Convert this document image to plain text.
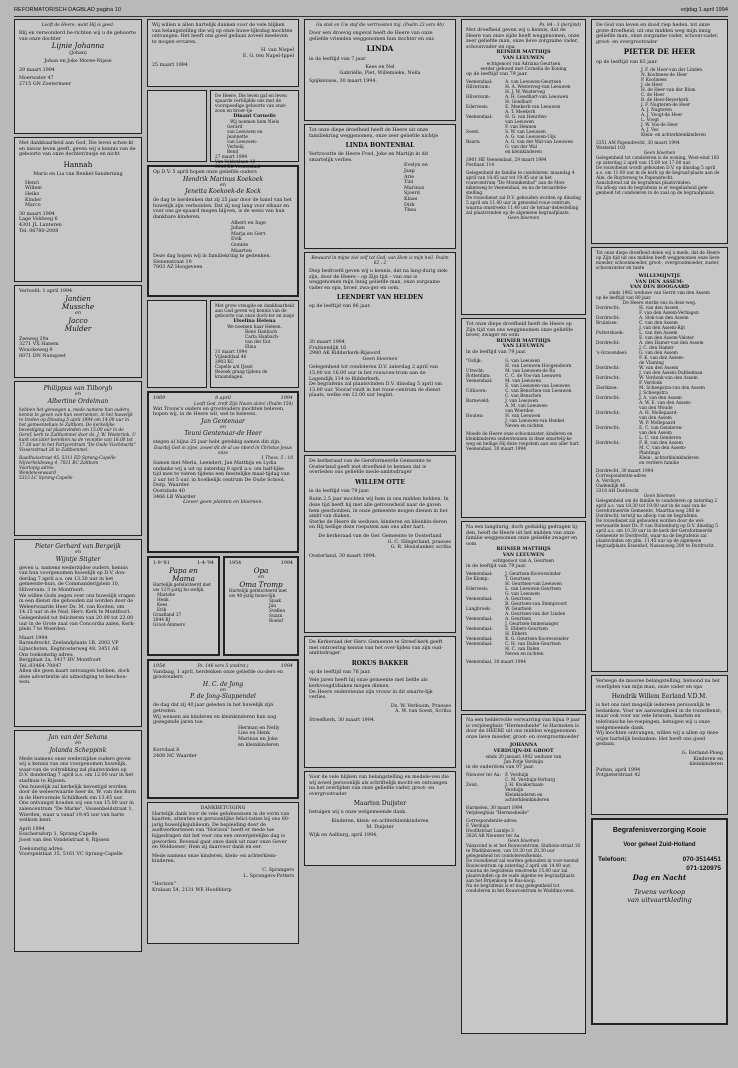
REFORMATORISCH DAGBLAD pagina 10	vrijdag 1 april 1994
Looft de Heere, want Hij is goed.
Blij en verwonderd be-richten wij u de geboorte van onze dochter
Lijnie Johanna
(Johan)
Johan en Joke Moree-Nijsse
29 maart 1994
Moerwater 47
2715 GN Zoetermeer
Met dankbaarheid aan God, Die leven schen-kt en nieuw leven geeft, geven wij u kennis van de geboorte van onze dochter/zusje en nicht
Hannah
Mario en Lia van Renkel-Sanderning
Henri
Willem
Heiko
Kinder
Marco
30 maart 1994
Lage Voldweg 6
4301 JL Lunteren
Tel. 06780-2008
Verloofd: 1 april 1994
Jantien
Mussche
en
Jacco
Mulder
Zeeweg 29a
3271 VX Hanem
Wouckeweg 9
8071 DN Nunspeet
Philippus van Tilborgh
en
Albertine Ordelman
hebben het genoegen u, mede namens hun ouders, kennis te geven van hun voornemen, in het huwelijk te treden op Dinsdag 5 april 1994 om 14.00 uur in het gemeentehuis te Zaltbom. De kerkelijke bevestiging zal plaatsvinden om 15.00 uur in de Geref. kerk te Zaltbommel door ds. J. W. Westerink. U kunt ons later bereiken na de receptie van 16.00 tot 17.30 uur in het Partycentrum "De Oude Vischmarkt" Vissersstraat 26 te Zaltbommel.
Raadhuisstraat 45, 5311 ED Sprang-Capelle
Nijverheidsweg 4, 7021 BC Zaltbom
Voorlopig adres:
Wendelesewaard
5312 LC Sprang-Capelle
Pieter Gerhard van Bergeijk
en
Wijntje Stigter
geven u, namens wederzijdse ouders, kennis van hun voorgenomen huwelijk op D.V. don-derdag 7 april a.s. om 13.30 uur in het gemeente-huis, de Commanderijplein 10, Hilversum. 3 te Montfoort.
We willen Gods zegen over ons huwelijk vragen in een dienst die gehouden zal worden door de Weleerwaarde Heer Ds. M. van Kooten, om 14.15 uur in de Ned. Herv. Kerk te Montfoort.
Gelegenheid tot feliciteren van 20.00 tot 22.00 uur in de Grote zaal van Concordia zalen, Kerk-plein 7 te Woerden.
Maart 1994
Barendrecht, Zeelandplaats 1B, 2003 VP Lijnschoten, Eegbrosterweg 48, 3451 AE
Ons toekomstig adres:
Bergplaat 2a, 3417 HV Montfoort
Tel.:03464-70047
Allen die geen kaart ontvangen hebben, doch deze advertentie als uitnodiging te beschou-wen.
Jan van der Sehans
en
Jolanda Scheppink
Mede namens onze wederzijdse ouders geven wij u kennis van ons voorgenomen huwelijk, waar-van de voltrekking zal plaatsvinden op D.V. donderdag 7 april a.s. om 12.00 uur in het stadhuis te Rijssen.
Ons huwelijk zal kerkelijk bevestigd worden door de weleerwaarde heer ds. W. van den Born in de Hervormde Schildkerk om 13.45 uur.
Ons ontvangst houden wij ons van 15.00 uur in zalencentrum "De Marke", Vossenbeldstraat 1, Wierden, waar u vanaf 19.45 uur van harte welkom bent.
April 1994
Esschersdorp 1, Sprang-Capelle
Joost van den Vondelstraat 8, Rijssen
Toekomstig adres:
Voorspelstaat 35, 5161 VC Sprang-Capelle
Wij willen u allen hartelijk danken voor de vele blijken van belangstelling die wij op onze huwe-lijksdag mochten ontvangen. Het heeft ons goed gedaan zoveel meeleven te mogen ervaren.
H. van Nispel
E. G. ten Napel-Ippel
25 maart 1994
De Heere, Die leven gaf en leven spaarde verblijdde ons met de voorspoedige geboorte van onze zoon en broer-tje
Dinant Cornelis
Wij noemen hem Niels
Gerard
van Leeuwen en
Jeannette
van Leeuwen-
Verhelij
Bend
27 maart 1994
Van Veldenlaan 18
3906 EK Veenendaal
Op D.V. 5 april hopen onze geliefde ouders
Hendrik Marinus Koekoek
en
Jenetta Koekoek-de Kock
de dag te herdenken dat zij 25 jaar door de hand van het huwelijk zijn verbonden. Dat zij nog lang voor elkaar en voor ons ge-spaard mogen blijven, is de wens van hun dankbare kinderen.
Albert en Inge
Johan
Marja en Gert
Evik
Gonnie
Maarten
Deze dag hopen wij in familiekring te gedenken.
Slenenstraat 10
7803 AZ Hoogeveen
Met grote vreugde en dankbaarheid aan God geven wij kennis van de geboorte van onze doch-ter en zusje
Elselina Helena
We noemen haar Heleen.
René Hanbach
Carla Hanbach-
van der Ent
Elma
31 maart 1994
Vijlanddaal 46
2903 KC
Capelle a/d IJssel
Bezoek graag tijdens de kraamdagen.
1969	8 april	1994
Looft God, treft Zijn Naam alom! (Psalm 150)
Wat Trouw's ouders en grootouders mochten beleven, hopen wij, in de Heere wil, wel te beleven.
Jan Gentenaar
en
Teuni Gentenaar-de Heer
stegen al bijna 25 jaar hebt getekkig samen din zijn.
Daarbij God in zijne, zowel dit dè al uw nbord in Christus Jesus onze
1 Thess. 5 : 18
Samen met Merla, Leendert, Jan Matthijs en Lydia ondanks wij u uit op zaterdag 9 april a.s. om half-lijke tijd mee te vieren tijdens een feestelijke maal-tijdag van 2 uur tot 5 uur, in hcelkelijk centrum De Oude School, Dorp, Waarder.
Oostzinde 40
3466 LB Waarder
Liever geen planten en bloemen.
1-9-'81	1-4-'94
Papa en
Mama
Hartelijk gefeliciteerd met uw 12½-jarig hu-welijk.
Marieke
Henk
Kees
Erik
Graafland 37
2844 BJ
Groot-Ammers
1954	1994
Opa
en
Oma Tromp
Hartelijk gefeliciteerd met uw 40-jarig huwe-lijk.
Sjaak
Jan
Svellen
Suzan
Roelof
1954	Ps. 146 vers 5 (ondrst.)	1994
Vandaag, 1 april, herdenken onze geliefde ou-ders en grootouders
H. C. de Jong
en
P. de Jong-Slappendel
de dag dat zij 40 jaar geleden in het huwelijk zijn getreden.
Wij wensen als kinderen en kleinkinderen hun nog gezegende jaren toe.
Herman en Nelly
Lies en Henk
Marinus en Joke
en kleinkinderen
Korvdaal 8
2408 NC Waarder
DANKBETUIGING
Hartelijk dank voor de vele gelukwensen in de vorm van kaarten, attenties en persoonlijke felici-taties bij ons 60-jarig huwelijksjubileum. De bepleiding door de audtwerkertenen van "Horizon" heeft er mede toe bijgedragen dat het voor ons een onvergetelijke dag is geworden. Bovenal gaat onze dank uit naar onze Gever en Weldoener; Hem zij daarvoor dank en eer.
Mede namens onze kinderen, klein- en achterklein-kinderen.
C. Sprangers
L. Sprangers-Potters
"Horizon"
Kralaan 54, 2131 WE Hoofddorp
Gu stok en Uw staf die vertroosten mij. (Psalm 23 vers 4b)
Door een droevig ongeval heeft de Heere van onze geliefde vrienden weggenomen hun dochter en ons
LINDA
in de leeftijd van 7 jaar.
Kees en Nel
Gabriëlle, Piet, Willemieke, Nella
Spijkenisse, 30 maart 1994.
Tot onze diepe droefheid heeft de Heere uit onze familiekring weggenomen, onze zeer geliefde nichtje
LINDA BONTENBAL
Vertroostte de Heere Fred, Joke en Martijn in dit smartelijk verlies.
Evelyn en
Jaap
Arie
Tini
Marinus
Sjoerd
Klaas
Dirk
Thea
Bewaard in mijne ziel zelf tot God; van Hem is mijn heil. Psalm 62 : 2
Diep bedroefd geven wij u kennis, dat na lang-durig ziek-zijn, door de Heere – op Zijn tijd – van ons is weggenomen mijn innig geliefde man, onze zorgzame vader en opa, broer, zwa-ger en oom.
LEENDERT VAN HELDEN
op de leeftijd van 86 jaar.
30 maart 1994
Fruitsendijk 16
2980 AK Ridderkerk-Rijsoord
Geen bloemen
Gelegenheid tot condoleren D.V. zaterdag 2 april van 15.00 tot 16.00 uur in het rouwcen-trum aan de Lagendijk 114 te Ridderkerk.
De begrafenis zal plaatsvinden D.V. dinsdag 5 april om 13.00 uur. Vooraf vindt in het rouw-centrum de dienst plaats, welke om 12.00 uur begint.
De kerkeraad van de Gereformeerde Gemeente te Oosterland geeft met droefheid te kennen dat is overleden ons geliefde mede-ambtsdrager
WILLEM OTTE
in de leeftijd van 79 jaar.
Ruim 2,5 jaar mochten wij hem in ons midden hebben. In deze tijd heeft hij met alle getrouwheid naar de gaven hem geschonken, in onze gemeente mogen dienen in het ambt van diaken.
Sterke de Heere de weduwe, kinderen en kleinkin-deren en Hij heilige deze roepstem aan ons aller hart.
De kerkeraad van de Ger. Gemeente te Oosterland
G. C. Slingerland, praeses
G. R. Hooislanker, scriba
Oosterland, 30 maart 1994.
De Kerkeraad der Herv. Gemeente te Streef-kerk geeft met ontroering kennis van het over-lijden van zijn oud-ambtsdrager
ROKUS BAKKER
op de leeftijd van 76 jaar.
Vele jaren heeft hij onze gemeente met liefde als kerkvoogd/diaken mogen dienen.
De Heere ondersteune zijn vrouw in dit smarte-lijk verlies.
Ds. W. Verboom, Praeses
A. W. van Soest, Scriba
Streefkerk, 30 maart 1994.
Voor de vele blijken van belangstelling en medele-ven die wij zowel persoonlijk als schriftelijk mocht-en ontvangen na het overlijden van onze geliefde vader, groot- en overgrootvader
Maarten Duijster
betuigen wij u onze welgemeende dank.
Kinderen, klein- en achterkleinkinderen
M. Duijster
Wijk en Aalburg, april 1994.
Ps. 84 : 3 (berijmd)
Met droefheid geven wij u kennis, dat de Heere van onze zijde heeft weggenomen, onze zeer geliefde man, onze lieve zorgzame vader, schoonvader en opa
REINIER MATTHIJS
VAN LEEUWEN
echtgenoot van Adriana Geurtsen
eerder gehuwd met Cornelia de Koning
op de leeftijd van 79 jaar.
Veenendaal:	A. van Leeuwen-Geurtsen
Hilversum:	H. A. Westerveg-van Leeuwen
H. J. W. Westerveg
Hilversum:	A. H. Goedhart-van Leeuwen
H. Goedhart
Ederveen:	E. Meekerk-van Leeuwen
A. T. Meekerk
Veenendaal:	H. G. van Henrden-
van Leeuwen
F. van Hennen
Soest:	S. W. van Leeuwen
A. G. van Leeuwen-Uijs
Baarn:	A. G. van der Wal-van Leeuwen
G. van der Wal
en kleinkinderen
3901 HE Veenendaal, 29 maart 1994
Postlaan 114
Gelegenheid de familie te condoleren, maandag 4 april van 18.45 uur tot 19.45 uur in het rouwcentrum "De Monnikenhof" aan de Mon-nikenweg te Veenendaal, en na de teraardebe-stelling.
De rouwdienst zal D.V. gehouden worden op dinsdag 5 april om 11.00 uur in genoemd rouw-centrum waarna omstreeks 11.40 uur de teraar-debestelling zal plaatsvinden op de algemene begraafplaats.
Geen bloemen
Tot onze diepe droefheid heeft de Heere op Zijn tijd van ons weggenomen onze geliefde broer, zwager en oom
REINIER MATTHIJS
VAN LEEUWEN
in de leeftijd van 79 jaar.
"Oslijk:	G. van Leeuwen
H. van Leeuwen-Hoogendoorn
Utrecht:	M. van Leeuwen-de Ru
Rotterdam:	C. C. de Vos-van Leeuwen
Veenendaal:	M. van Leeuwen
E. van Leeuwen-van Leeuwen
Uithoorn:	C. van Benschen-van Leeuwen
C. van Benschen
Barneveld:	J. van Leeuwen
A. M. van Leeuwen-
van Woerden
Houten:	H. van Leeuwen
J. van Leeuwen-van Henkel
Neven en nichten
Moede de Heere onze schoonzuster, kinderen en kleinkinderen ondersteunen in deze smartelij-ke weg en heilige Hij deze roepstem aan ons aller hart.
Veenendaal, 30 maart 1994
Na een langdurig, doch geduldig gedragen lij-den, heeft de Heere uit het midden van onze familie weggenomen onze geliefde zwager en oom
REINIER MATTHIJS
VAN LEEUWEN
echtgenoot van A. Geurtsen
in de leeftijd van 79 jaar.
Veenendaal:	J. Geurtsen-Kooreswinder
De Klomp:	T. Geurtsen
H. Geurtsen-van Leeuwen
Ederveen:	L. van Leeuwen-Geurtsen
G. van Leeuwen
Veenendaal:	A. Geurtsen
B. Geurtsen-van Stempvoort
Langbroek:	W. Geurtsen
A. Geurtsen-van der Linden
Veenendaal:	A. Geurtsen
J. Geurtsen-Immenanger
Veenendaal:	E. Ebbers-Geurtsen
H. Ebbers
Veenendaal:	K. G. Geurtsen-Kooreswinder
Veenendaal:	C. H. van Dalen-Geurtsen
H. C. van Dalen
Neven en nichten
Veenendaal, 30 maart 1994
Na een heldervolle verwarring van bijna 9 jaar is verpleeghuis "Hermesheide" te Harmelen is door de HEERE uit ons midden weggenomen onze lieve moeder, groot- en overgrootmoeder
JOHANNA
VERDUIJN-DE GROOT
sinds 20 januari 1982 weduwe van
Jan Potje Verduijn
in de ouderdom van 97 jaar.
Nieuwer ter Aa: F. Verduijn
C. M. Verduijn-Verburg
Zeist:	J. H. Kwakernaak-
Verduijn
Kleinkinderen en
achterkleinkinderen
Harmelen, 30 maart 1994
Verpleeghuis "Hermesheide"
Correspondentie-adres:
F. Verduijn
Hoofdstraat Laantje 3
3626 AB Nieuwer ter Aa
Geen bloemen
Vanavond is er het Rouwcentrum, Stations-straat 16 te Waddinxveen, van 19.30 tot 20.30 uur gelegenheid tot condoleren/kennis.
De rouwdienst zal worden gehouden in voor-noemd Rouwcentrum op zaterdag 2 april om 14.00 uur, waarna de begrafenis omstreeks 15.00 uur zal plaatsvinden op de oude algeme-ne begraafplaats aan het Brijenkoop te Rus-koop.
Na de begrafenis is er nog gelegenheid tot condoleren in het Rouwcentrum te Waddinx-veen.
De God van leven en dood riep heden, tot onze grote droefheid, uit ons midden weg mijn innig geliefde man, onze zorgzame vader, schoon-vader, groot- en overgrootvader
PIETER DE HEER
op de leeftijd van 83 jaar.
J. F. de Heer-van der Linden
N. Koolmees-de Heer
P. Koolmees
J. de Heer
H. de Heer-van der Blom
C. de Heer
B. de Heer-Beyerkerk
J. F. Nugteren-de Heer
A. J. Nugteren
A. J. Voogt-de Heer
L. Voogt
J. W. Vos-de Heer
A. J. Vos
Klein- en achterkleinkinderen
3351 AM Papendrecht, 30 maart 1994
Westeind 103
Geen bloemen
Gelegenheid tot condoleren is de woning, West-eind 103 op zaterdag 2 april van 15.00 tot 17.00 uur.
De rouwdienst wordt gehouden D.V. op dinsdag 5 april a.s. om 11.00 uur in de kerk op de begraaf-plaats aan de Alm. de Ruyterweg te Papendrecht.
Aansluitend zal de begrafenis plaatsvinden.
Na afloop van de begrafenis is er wegelasheid gele-genheid tot condoleren in de zaal op de begraafplaats.
Tot onze diepe droefheid delen wij u mede, dat de Heere op Zijn tijd uit ons midden heeft weggenomen onze lieve moeder, schoonmoeder, groot-, overgrootmoeder, zuster, schoonzuster en tante
WILLEMIJNTJE
VAN DEN ASSEM-
VAN DEN BOOGAARD
sinds 1982 weduwe van Gerrit van den Assem
op de leeftijd van 80 jaar.
De Heere sterke ons in deze weg.
Dordrecht:	H. van den Assem
F. van den Assem-Verhagen
Dordrecht:	A. Slok-van den Assem
Bruinisse:	C. van den Assem
J. van den Assem-Rijt
Puttershoek:	L. van den Assem
E. van den Assem-Valster
Dordrecht:	A. den Hamer-van den Assem
J. C. den Hamer
's-Gravendeel:	G. van den Assem
F. K. van den Assem-
de Vlaming
Dordrecht:	W. van den Assem
J. van den Assem-Dubbelman
Dordrecht:	W. Verdonk-van den Assem
P. Verdonk
Zierikzee:	M. Scheepstra-van den Assem
J. Scheepstra
Dordrecht:	J. A. van den Assem
A. W. E. van den Assem-
van den Woude
Dordrecht:	A. H. Mollepaard-
van den Assem
W. P. Mollepaard
Dordrecht:	E. C. van Genderen-
van den Assem
L. C. van Genderen
Dordrecht:	F. B. van den Assem
M. C. van den Assem-
Plantinga
Klein-, achterkleinkinderen
en verdere familie
Dordrecht, 30 maart 1994
Correspondentie-adres
A. Verduyn
Oudendijk 46
3318 AH Dordrecht
Geen bloemen
Gelegenheid om de familie te condoleren op zaterdag 2 april a.s. van 18.30 tot 19.00 uur in de zaal van de Gereformeerde Gemeente, Maartha-weg 286 te Dordrecht, terwijl na afloop van de begrafenis.
De rouwdienst zal gehouden worden door de wel-eerwaarde heer Ds. P. van Ruitenburg op D.V. dinsdag 5 april a.s. om 10.30 uur in de kerk der Gereformeerde Gemeente te Dordrecht, waar-na de begrafenis zal plaatsvinden om plm. 11.45 uur op de algemene begraafplaats Essenhof, Nassauweg 200 te Dordrecht.
Verwege de mooree belangstelling, betoond na het overlijden van mijn man, onze vader en opa
Hendrik Willem Eerland V.D.M.
is het ons niet mogelijk iedereen persoonlijk te bedanken. Voor uw aanwezigheid in de rouwdienst, maar ook voor uw vele brieven, kaarten en telefonische be-roepingen, betuigen wij u onze welgemeende dank.
Wij mochten ontvangen, willen wij u allen op deze wijze hartelijk bedanken. Het heeft ons goed gedaan.
G. Eerland-Ploeg
Kinderen en
kleinkinderen
Putten, april 1994
Potgieterstraat 42
Begrafenisverzorging Kooie
Voor geheel Zuid-Holland
Telefoon:	070-3514451
071-120975
Dag en Nacht
Tevens verkoop
van uitvaartkleding
